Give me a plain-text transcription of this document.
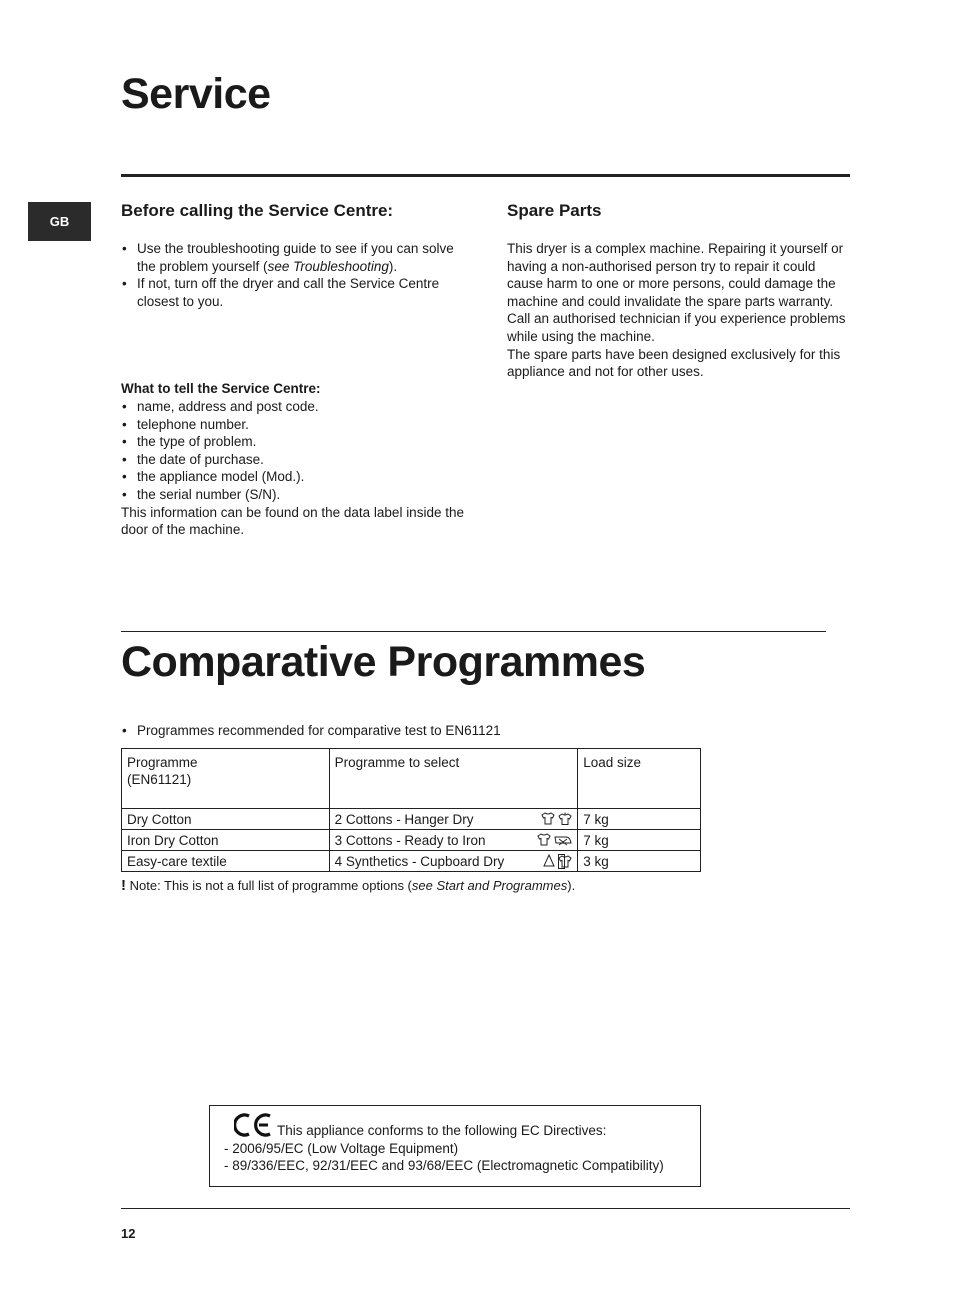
Service
GB
Before calling the Service Centre:
• Use the troubleshooting guide to see if you can solve the problem yourself (see Troubleshooting).
• If not, turn off the dryer and call the Service Centre closest to you.
What to tell the Service Centre:
• name, address and post code.
• telephone number.
• the type of problem.
• the date of purchase.
• the appliance model (Mod.).
• the serial number (S/N).
This information can be found on the data label inside the door of the machine.
Spare Parts
This dryer is a complex machine. Repairing it yourself or having a non-authorised person try to repair it could cause harm to one or more persons, could damage the machine and could invalidate the spare parts warranty.
Call an authorised technician if you experience problems while using the machine.
The spare parts have been designed exclusively for this appliance and not for other uses.
Comparative Programmes
• Programmes recommended for comparative test to EN61121
Programme
(EN61121)	Programme to select	Load size
Dry Cotton	2 Cottons - Hanger Dry	7 kg
Iron Dry Cotton	3 Cottons - Ready to Iron	7 kg
Easy-care textile	4 Synthetics - Cupboard Dry	3 kg
! Note: This is not a full list of programme options (see Start and Programmes).
This appliance conforms to the following EC Directives:
- 2006/95/EC (Low Voltage Equipment)
- 89/336/EEC, 92/31/EEC and 93/68/EEC (Electromagnetic Compatibility)
12
